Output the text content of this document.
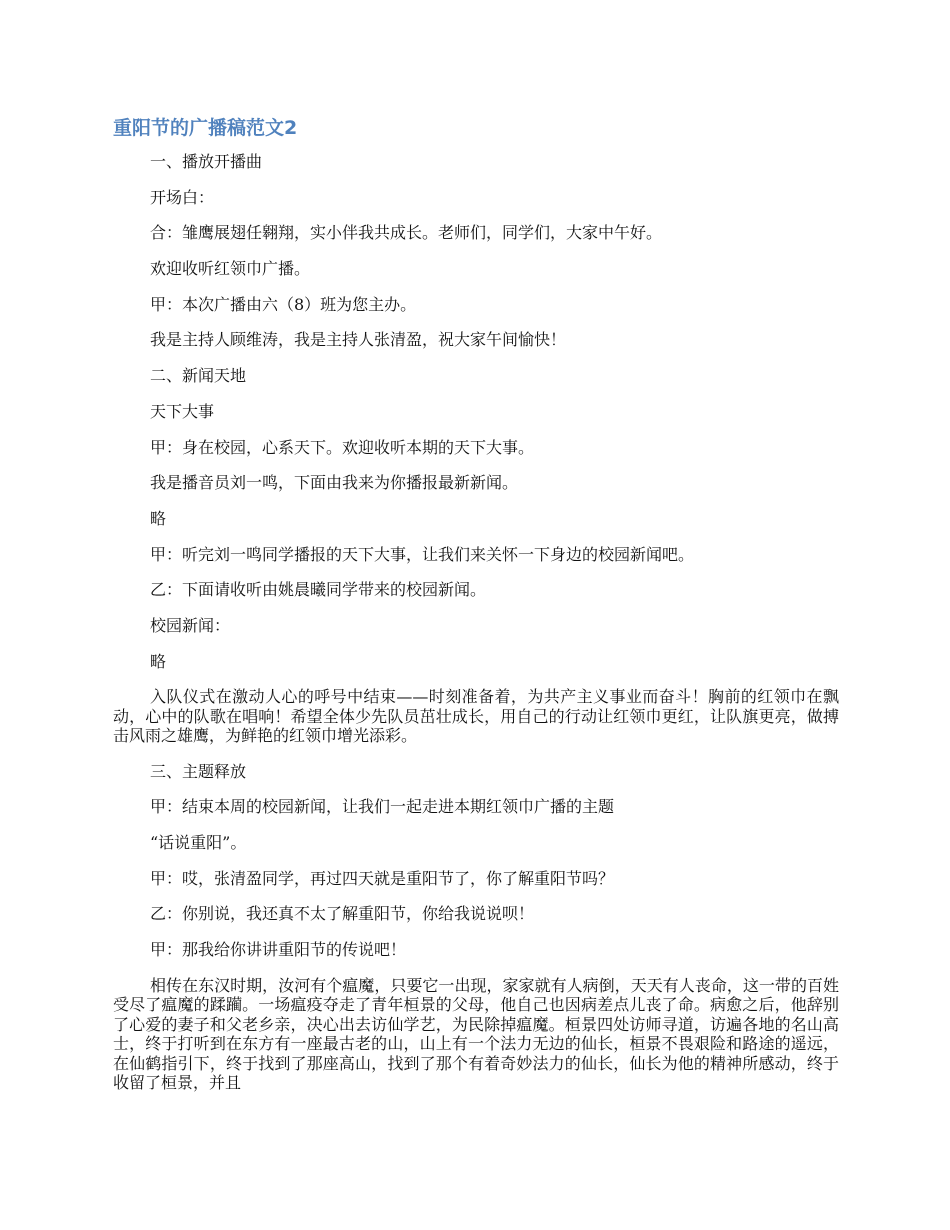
重阳节的广播稿范文2

一、播放开播曲

开场白：

合：雏鹰展翅任翱翔，实小伴我共成长。老师们，同学们，大家中午好。

欢迎收听红领巾广播。

甲：本次广播由六（8）班为您主办。

我是主持人顾维涛，我是主持人张清盈，祝大家午间愉快！

二、新闻天地

天下大事

甲：身在校园，心系天下。欢迎收听本期的天下大事。

我是播音员刘一鸣，下面由我来为你播报最新新闻。

略

甲：听完刘一鸣同学播报的天下大事，让我们来关怀一下身边的校园新闻吧。

乙：下面请收听由姚晨曦同学带来的校园新闻。

校园新闻：

略

入队仪式在激动人心的呼号中结束——时刻准备着，为共产主义事业而奋斗！胸前的红领巾在飘动，心中的队歌在唱响！希望全体少先队员茁壮成长，用自己的行动让红领巾更红，让队旗更亮，做搏击风雨之雄鹰，为鲜艳的红领巾增光添彩。

三、主题释放

甲：结束本周的校园新闻，让我们一起走进本期红领巾广播的主题

“话说重阳”。

甲：哎，张清盈同学，再过四天就是重阳节了，你了解重阳节吗？

乙：你别说，我还真不太了解重阳节，你给我说说呗！

甲：那我给你讲讲重阳节的传说吧！

相传在东汉时期，汝河有个瘟魔，只要它一出现，家家就有人病倒，天天有人丧命，这一带的百姓受尽了瘟魔的蹂躏。一场瘟疫夺走了青年桓景的父母，他自己也因病差点儿丧了命。病愈之后，他辞别了心爱的妻子和父老乡亲，决心出去访仙学艺，为民除掉瘟魔。桓景四处访师寻道，访遍各地的名山高士，终于打听到在东方有一座最古老的山，山上有一个法力无边的仙长，桓景不畏艰险和路途的遥远，在仙鹤指引下，终于找到了那座高山，找到了那个有着奇妙法力的仙长，仙长为他的精神所感动，终于收留了桓景，并且
